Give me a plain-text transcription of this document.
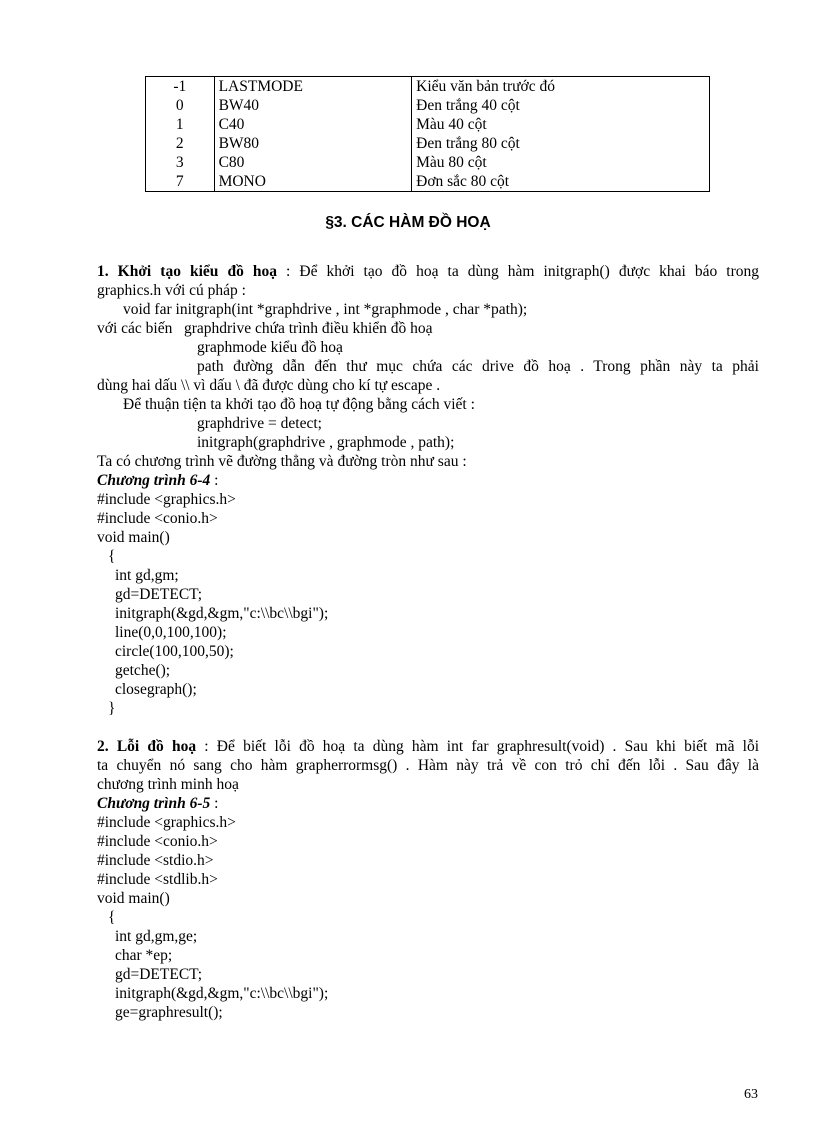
-1	LASTMODE	Kiểu văn bản trước đó
0	BW40	Đen trắng 40 cột
1	C40	Màu 40 cột
2	BW80	Đen trắng 80 cột
3	C80	Màu 80 cột
7	MONO	Đơn sắc 80 cột
§3. CÁC HÀM ĐỒ HOẠ
1. Khởi tạo kiểu đồ hoạ : Để khởi tạo đồ hoạ ta dùng hàm initgraph() được khai báo trong
graphics.h với cú pháp :
void far initgraph(int *graphdrive , int *graphmode , char *path);
với các biến   graphdrive chứa trình điều khiển đồ hoạ
graphmode kiểu đồ hoạ
path đường dẫn đến thư mục chứa các drive đồ hoạ . Trong phần này ta phải
dùng hai dấu \\ vì dấu \ đã được dùng cho kí tự escape .
Để thuận tiện ta khởi tạo đồ hoạ tự động bằng cách viết :
graphdrive = detect;
initgraph(graphdrive , graphmode , path);
Ta có chương trình vẽ đường thẳng và đường tròn như sau :
Chương trình 6-4 :
#include <graphics.h>
#include <conio.h>
void main()
{
int gd,gm;
gd=DETECT;
initgraph(&gd,&gm,"c:\\bc\\bgi");
line(0,0,100,100);
circle(100,100,50);
getche();
closegraph();
}
2. Lỗi đồ hoạ : Để biết lỗi đồ hoạ ta dùng hàm int far graphresult(void) . Sau khi biết mã lỗi
ta chuyển nó sang cho hàm grapherrormsg() . Hàm này trả về con trỏ chỉ đến lỗi . Sau đây là
chương trình minh hoạ
Chương trình 6-5 :
#include <graphics.h>
#include <conio.h>
#include <stdio.h>
#include <stdlib.h>
void main()
{
int gd,gm,ge;
char *ep;
gd=DETECT;
initgraph(&gd,&gm,"c:\\bc\\bgi");
ge=graphresult();
63
